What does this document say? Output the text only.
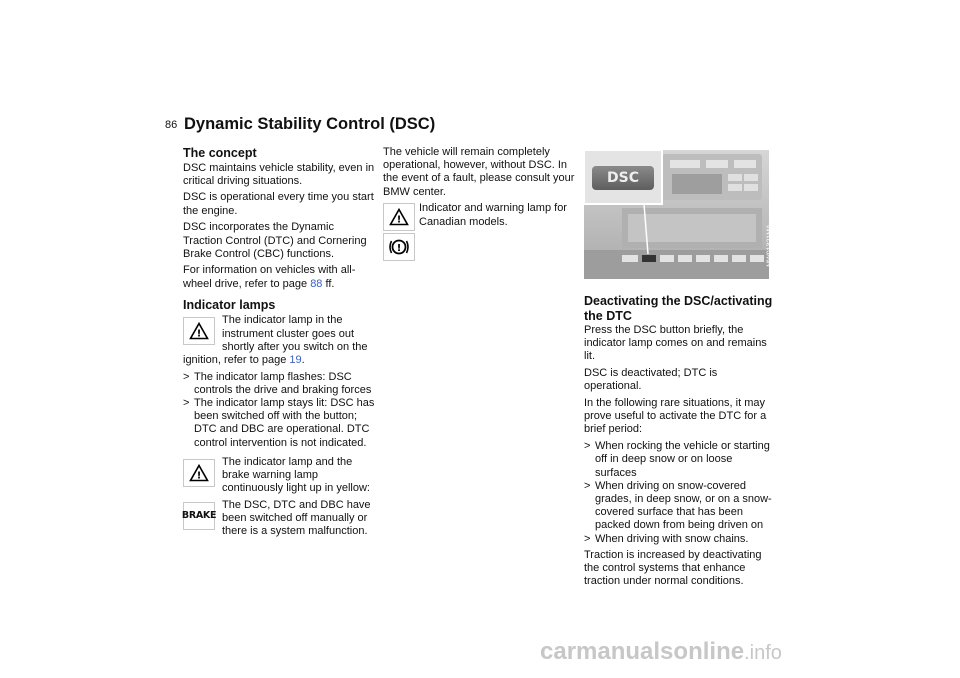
86 Dynamic Stability Control (DSC)
The concept

DSC maintains vehicle stability, even in critical driving situations.

DSC is operational every time you start the engine.

DSC incorporates the Dynamic Traction Control (DTC) and Cornering Brake Control (CBC) functions.

For information on vehicles with all-wheel drive, refer to page 88 ff.

Indicator lamps

!
The indicator lamp in the instrument cluster goes out shortly after you switch on the ignition, refer to page 19.

> The indicator lamp flashes: DSC controls the drive and braking forces
> The indicator lamp stays lit: DSC has been switched off with the button; DTC and DBC are operational. DTC control intervention is not indicated.

!
The indicator lamp and the brake warning lamp continuously light up in yellow:

BRAKE
The DSC, DTC and DBC have been switched off manually or there is a system malfunction.

The vehicle will remain completely operational, however, without DSC. In the event of a fault, please consult your BMW center.

!
!
Indicator and warning lamp for Canadian models.
DSC
MW01321MA
Deactivating the DSC/activating the DTC

Press the DSC button briefly, the indicator lamp comes on and remains lit.

DSC is deactivated; DTC is operational.

In the following rare situations, it may prove useful to activate the DTC for a brief period:

> When rocking the vehicle or starting off in deep snow or on loose surfaces
> When driving on snow-covered grades, in deep snow, or on a snow-covered surface that has been packed down from being driven on
> When driving with snow chains.

Traction is increased by deactivating the control systems that enhance traction under normal conditions.

carmanualsonline.info
